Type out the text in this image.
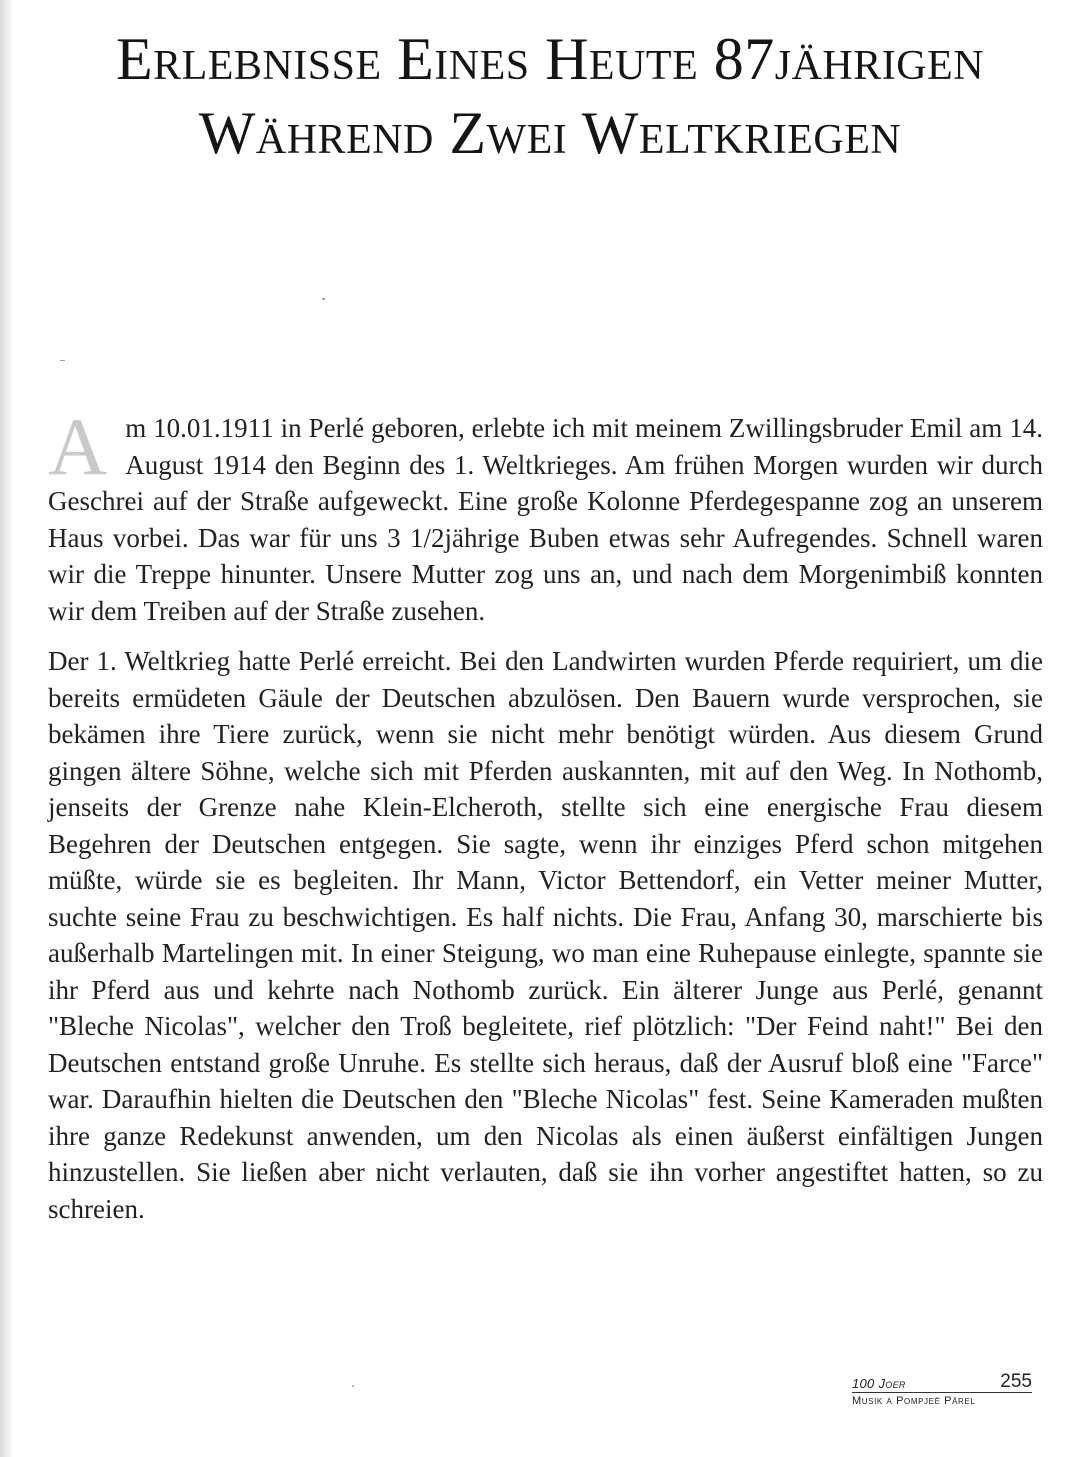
Erlebnisse Eines Heute 87jährigen
Während Zwei Weltkriegen

Am 10.01.1911 in Perlé geboren, erlebte ich mit meinem Zwillingsbruder Emil am 14. August 1914 den Beginn des 1. Weltkrieges. Am frühen Morgen wurden wir durch Geschrei auf der Straße aufgeweckt. Eine große Kolonne Pferdegespanne zog an unserem Haus vorbei. Das war für uns 3 1/2jährige Buben etwas sehr Aufregendes. Schnell waren wir die Treppe hinunter. Unsere Mutter zog uns an, und nach dem Morgenimbiß konnten wir dem Treiben auf der Straße zusehen.

Der 1. Weltkrieg hatte Perlé erreicht. Bei den Landwirten wurden Pferde requiriert, um die bereits ermüdeten Gäule der Deutschen abzulösen. Den Bauern wurde versprochen, sie bekämen ihre Tiere zurück, wenn sie nicht mehr benötigt würden. Aus diesem Grund gingen ältere Söhne, welche sich mit Pferden auskannten, mit auf den Weg. In Nothomb, jenseits der Grenze nahe Klein-Elcheroth, stellte sich eine energische Frau diesem Begehren der Deutschen entgegen. Sie sagte, wenn ihr einziges Pferd schon mitgehen müßte, würde sie es begleiten. Ihr Mann, Victor Bettendorf, ein Vetter meiner Mutter, suchte seine Frau zu beschwichtigen. Es half nichts. Die Frau, Anfang 30, marschierte bis außerhalb Martelingen mit. In einer Steigung, wo man eine Ruhepause einlegte, spannte sie ihr Pferd aus und kehrte nach Nothomb zurück. Ein älterer Junge aus Perlé, genannt "Bleche Nicolas", welcher den Troß begleitete, rief plötzlich: "Der Feind naht!" Bei den Deutschen entstand große Unruhe. Es stellte sich heraus, daß der Ausruf bloß eine "Farce" war. Daraufhin hielten die Deutschen den "Bleche Nicolas" fest. Seine Kameraden mußten ihre ganze Redekunst anwenden, um den Nicolas als einen äußerst einfältigen Jungen hinzustellen. Sie ließen aber nicht verlauten, daß sie ihn vorher angestiftet hatten, so zu schreien.

100 Joer	255
Musik a Pompjeë Pärel
